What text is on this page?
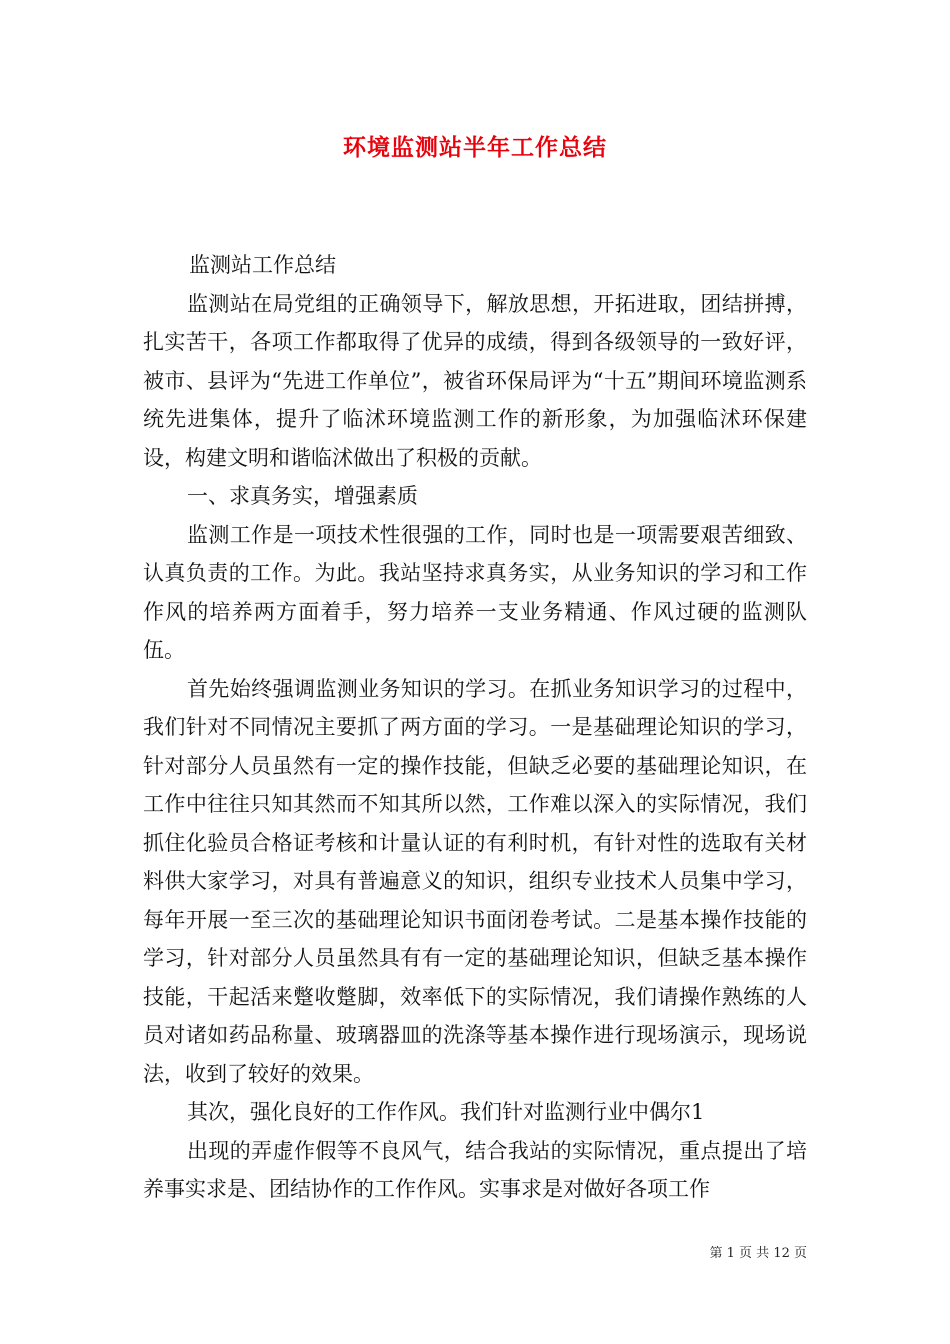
环境监测站半年工作总结

监测站工作总结

监测站在局党组的正确领导下，解放思想，开拓进取，团结拼搏，扎实苦干，各项工作都取得了优异的成绩，得到各级领导的一致好评，被市、县评为“先进工作单位”，被省环保局评为“十五”期间环境监测系统先进集体，提升了临沭环境监测工作的新形象，为加强临沭环保建设，构建文明和谐临沭做出了积极的贡献。

一、求真务实，增强素质

监测工作是一项技术性很强的工作，同时也是一项需要艰苦细致、认真负责的工作。为此。我站坚持求真务实，从业务知识的学习和工作作风的培养两方面着手，努力培养一支业务精通、作风过硬的监测队伍。

首先始终强调监测业务知识的学习。在抓业务知识学习的过程中，我们针对不同情况主要抓了两方面的学习。一是基础理论知识的学习，针对部分人员虽然有一定的操作技能，但缺乏必要的基础理论知识，在工作中往往只知其然而不知其所以然，工作难以深入的实际情况，我们抓住化验员合格证考核和计量认证的有利时机，有针对性的选取有关材料供大家学习，对具有普遍意义的知识，组织专业技术人员集中学习，每年开展一至三次的基础理论知识书面闭卷考试。二是基本操作技能的学习，针对部分人员虽然具有有一定的基础理论知识，但缺乏基本操作技能，干起活来蹩收蹩脚，效率低下的实际情况，我们请操作熟练的人员对诸如药品称量、玻璃器皿的洗涤等基本操作进行现场演示，现场说法，收到了较好的效果。

其次，强化良好的工作作风。我们针对监测行业中偶尔1

出现的弄虚作假等不良风气，结合我站的实际情况，重点提出了培养事实求是、团结协作的工作作风。实事求是对做好各项工作

第 1 页 共 12 页
